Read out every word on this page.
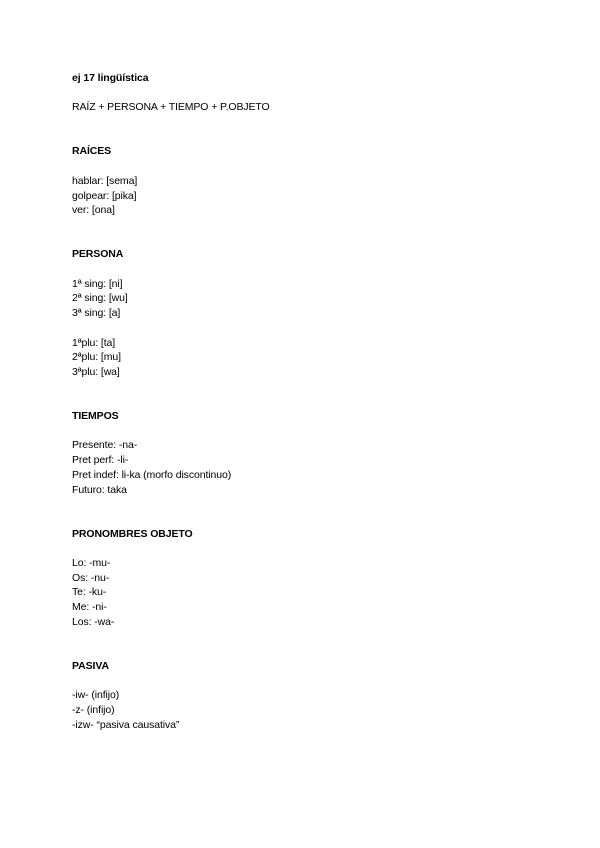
ej 17 lingüística
RAÍZ + PERSONA + TIEMPO + P.OBJETO
RAÍCES
hablar: [sema]
golpear: [pika]
ver: [ona]
PERSONA
1ª sing: [ni]
2ª sing: [wu]
3ª sing: [a]
1ªplu: [ta]
2ªplu: [mu]
3ªplu: [wa]
TIEMPOS
Presente: -na-
Pret perf: -li-
Pret indef: li-ka (morfo discontinuo)
Futuro: taka
PRONOMBRES OBJETO
Lo: -mu-
Os: -nu-
Te: -ku-
Me: -ni-
Los: -wa-
PASIVA
-iw- (infijo)
-z- (infijo)
-izw- “pasiva causativa”
